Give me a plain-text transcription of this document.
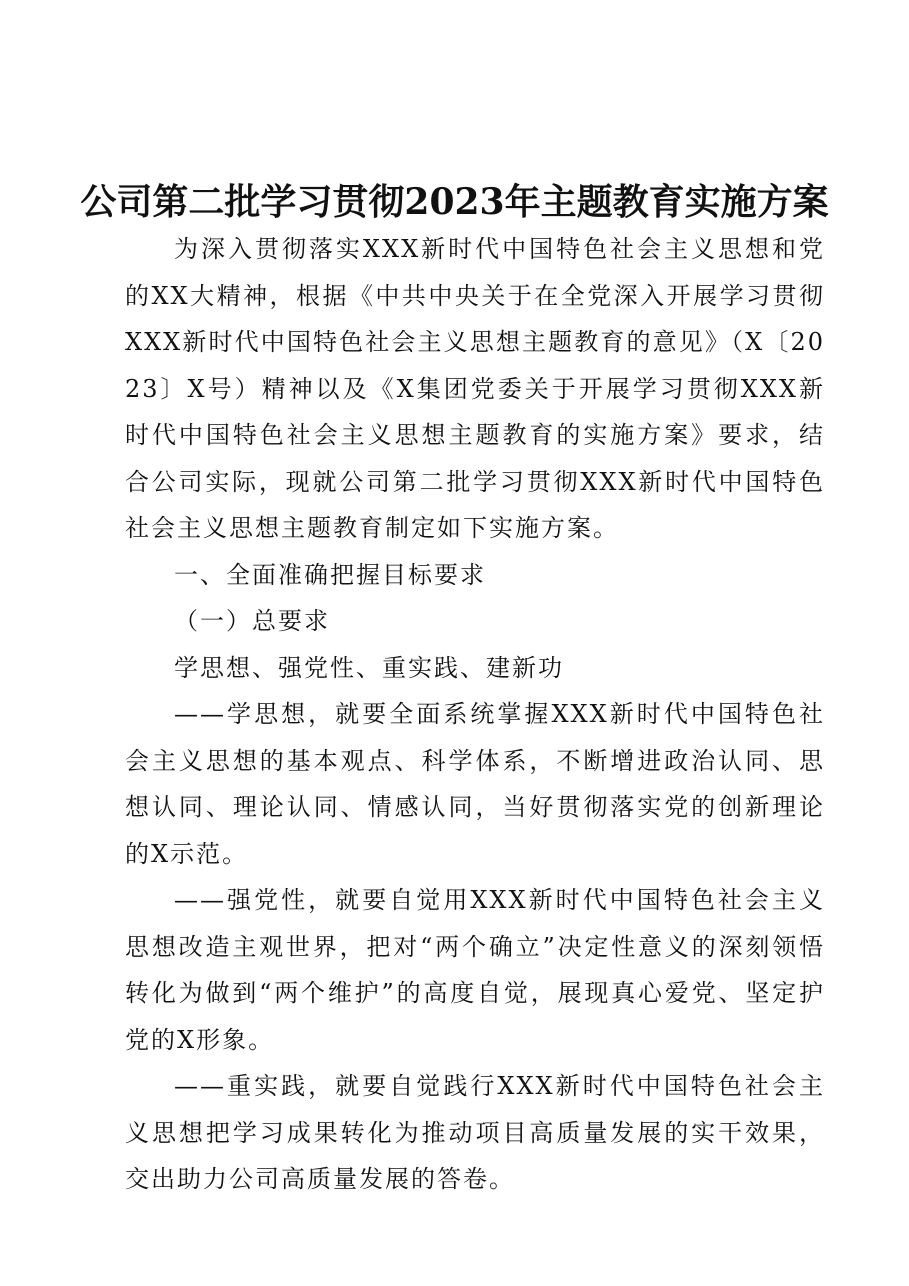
公司第二批学习贯彻2023年主题教育实施方案

为深入贯彻落实XXX新时代中国特色社会主义思想和党的XX大精神，根据《中共中央关于在全党深入开展学习贯彻XXX新时代中国特色社会主义思想主题教育的意见》（X〔2023〕X号）精神以及《X集团党委关于开展学习贯彻XXX新时代中国特色社会主义思想主题教育的实施方案》要求，结合公司实际，现就公司第二批学习贯彻XXX新时代中国特色社会主义思想主题教育制定如下实施方案。

一、全面准确把握目标要求

（一）总要求

学思想、强党性、重实践、建新功

——学思想，就要全面系统掌握XXX新时代中国特色社会主义思想的基本观点、科学体系，不断增进政治认同、思想认同、理论认同、情感认同，当好贯彻落实党的创新理论的X示范。

——强党性，就要自觉用XXX新时代中国特色社会主义思想改造主观世界，把对“两个确立”决定性意义的深刻领悟转化为做到“两个维护”的高度自觉，展现真心爱党、坚定护党的X形象。

——重实践，就要自觉践行XXX新时代中国特色社会主义思想把学习成果转化为推动项目高质量发展的实干效果，交出助力公司高质量发展的答卷。
